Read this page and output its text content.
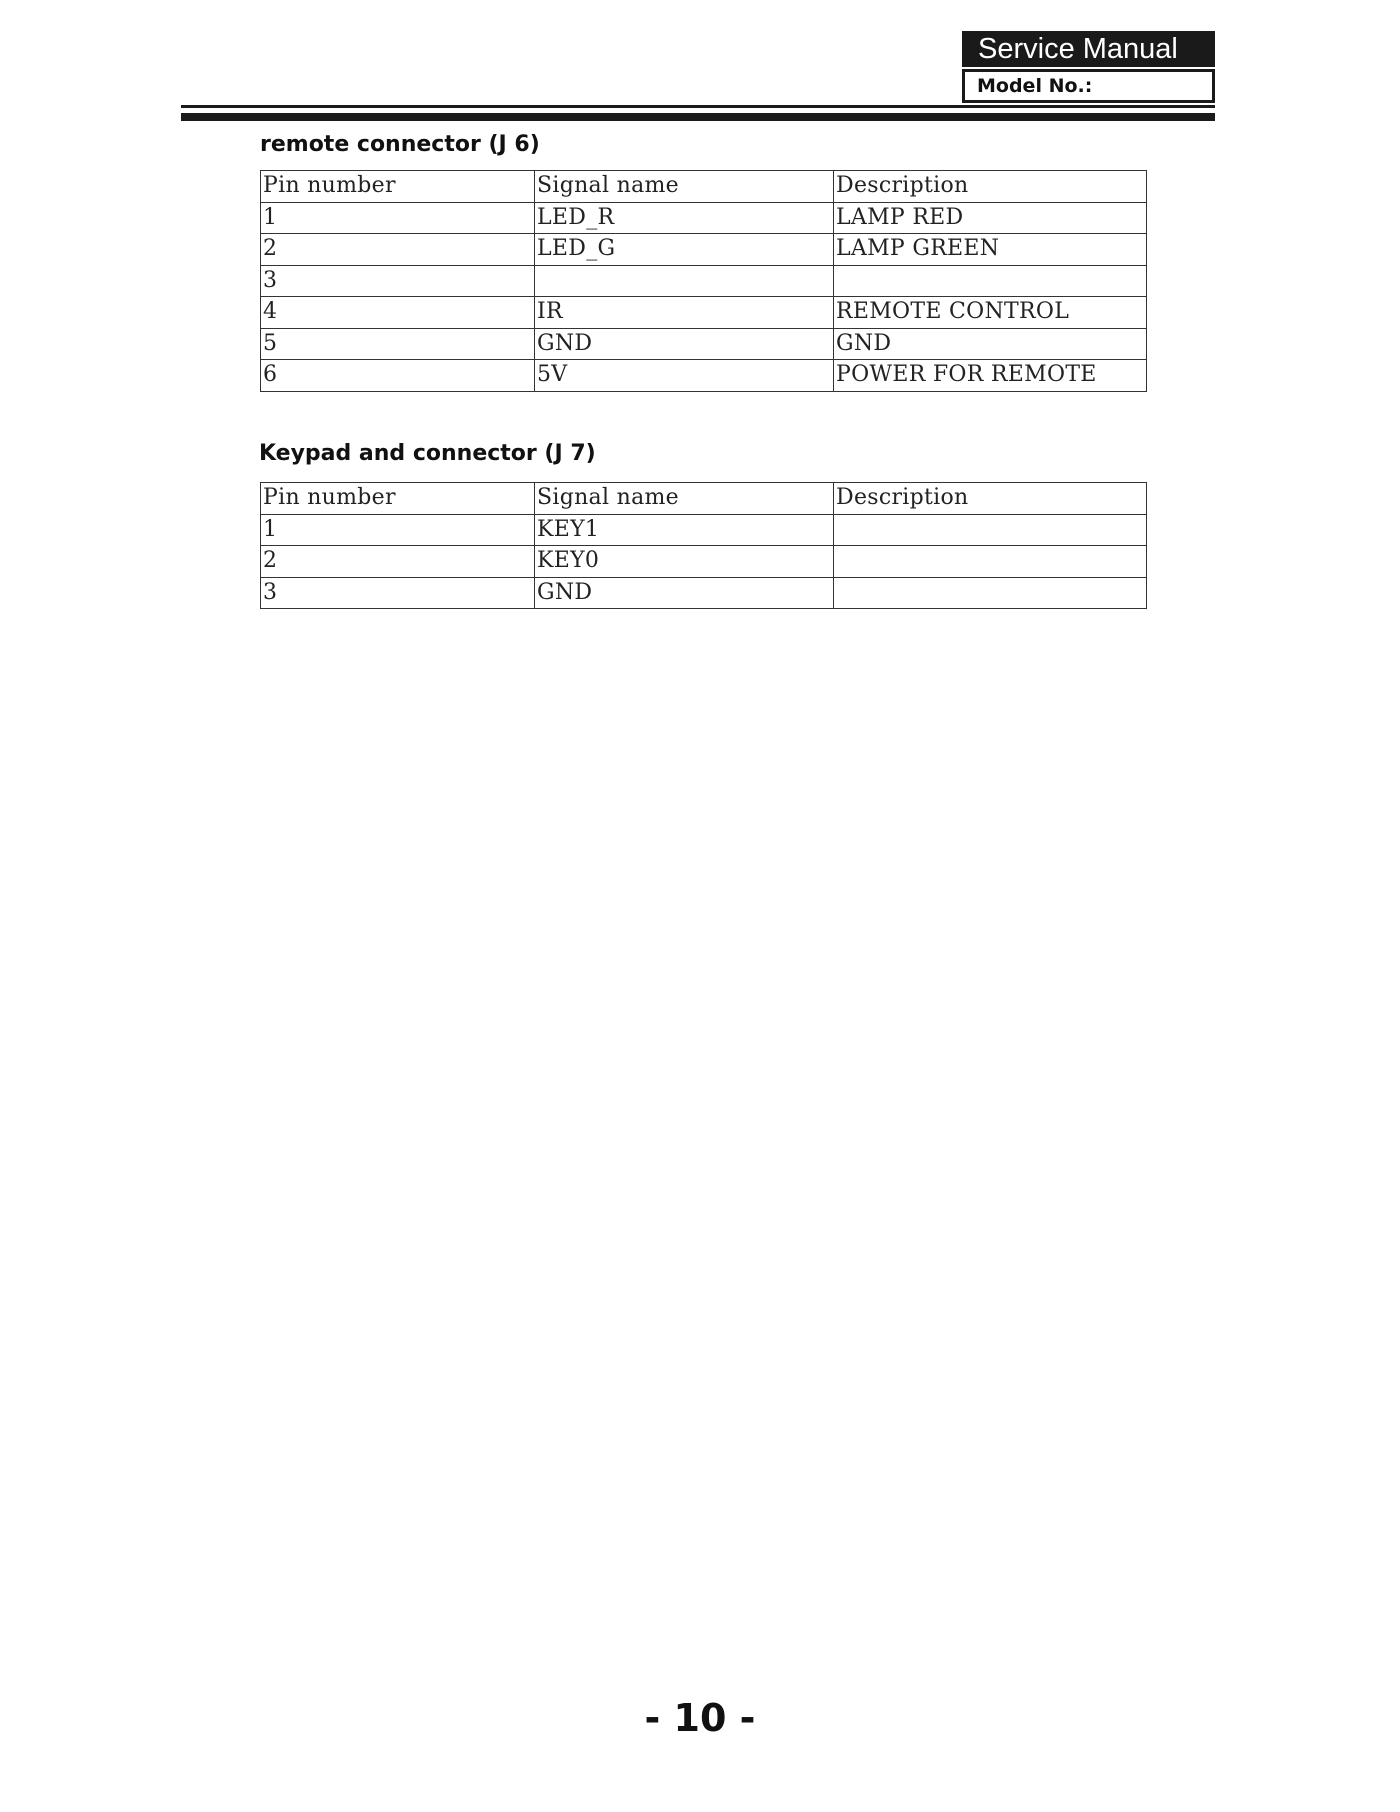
Service Manual
Model No.:
remote connector (J 6)
Pin number	Signal name	Description
1	LED_R	LAMP RED
2	LED_G	LAMP GREEN
3		
4	IR	REMOTE CONTROL
5	GND	GND
6	5V	POWER FOR REMOTE
Keypad and connector (J 7)
Pin number	Signal name	Description
1	KEY1	
2	KEY0	
3	GND	
- 10 -
